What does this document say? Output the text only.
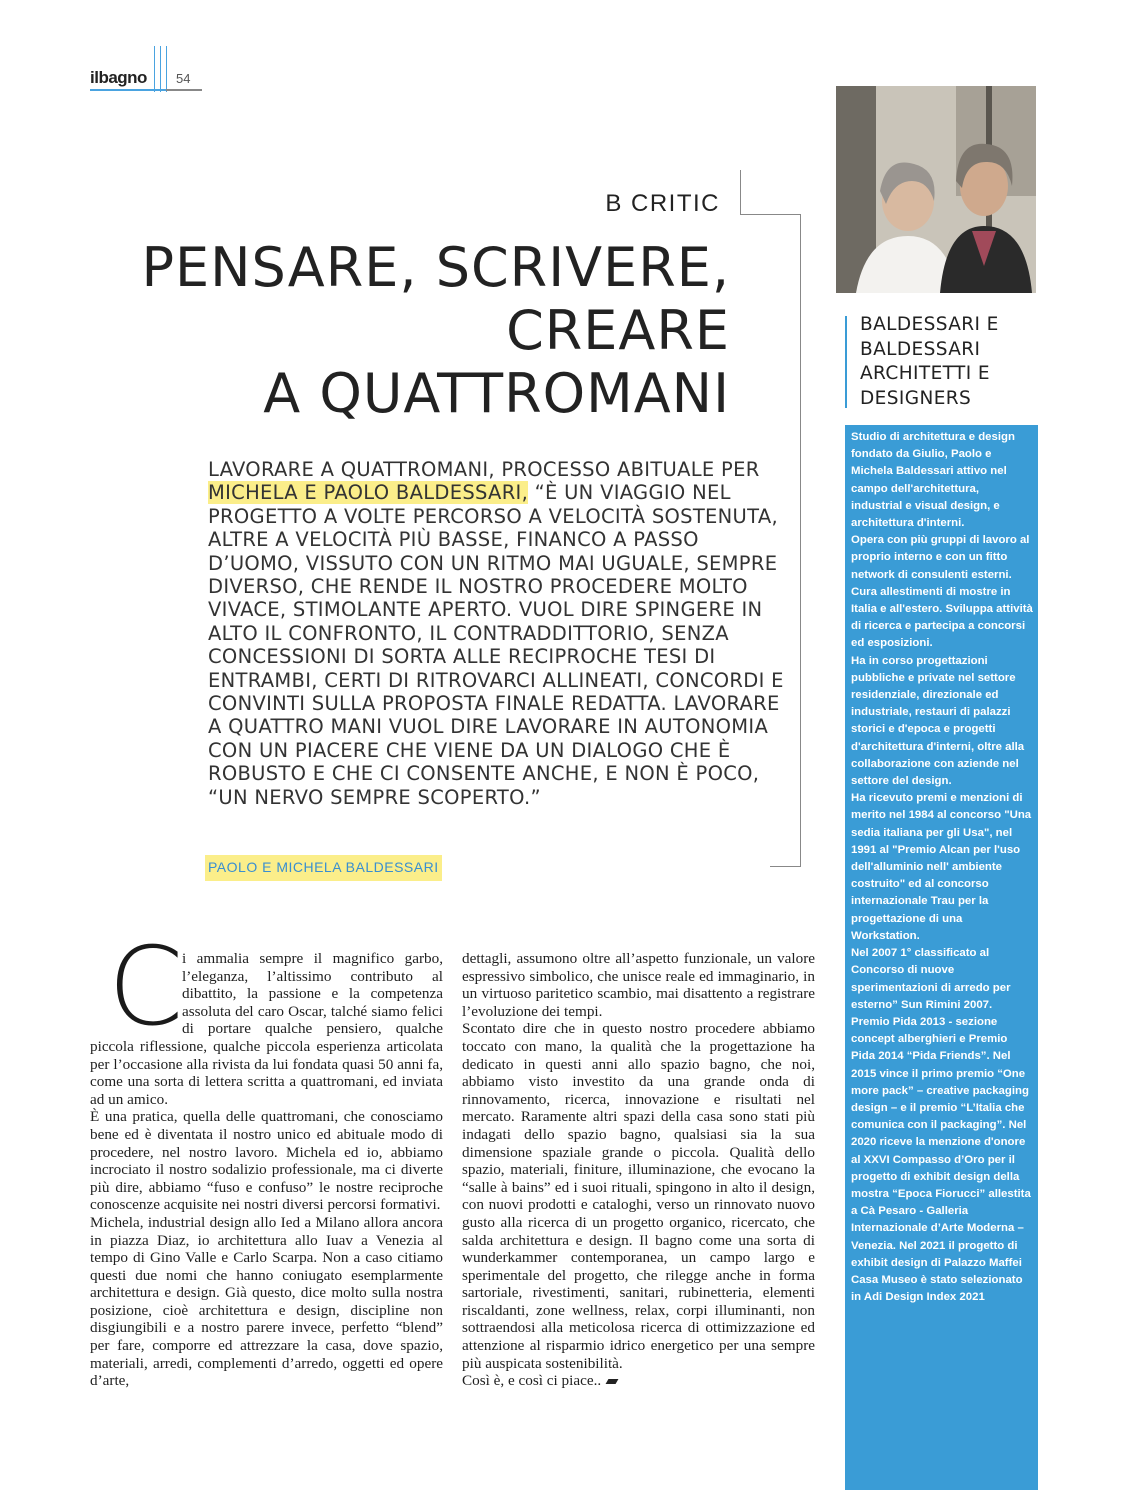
ilbagno 54
B CRITIC
PENSARE, SCRIVERE,
CREARE
A QUATTROMANI
LAVORARE A QUATTROMANI, PROCESSO ABITUALE PER MICHELA E PAOLO BALDESSARI, “È UN VIAGGIO NEL PROGETTO A VOLTE PERCORSO A VELOCITÀ SOSTENUTA, ALTRE A VELOCITÀ PIÙ BASSE, FINANCO A PASSO D’UOMO, VISSUTO CON UN RITMO MAI UGUALE, SEMPRE DIVERSO, CHE RENDE IL NOSTRO PROCEDERE MOLTO VIVACE, STIMOLANTE APERTO. VUOL DIRE SPINGERE IN ALTO IL CONFRONTO, IL CONTRADDITTORIO, SENZA CONCESSIONI DI SORTA ALLE RECIPROCHE TESI DI ENTRAMBI, CERTI DI RITROVARCI ALLINEATI, CONCORDI E CONVINTI SULLA PROPOSTA FINALE REDATTA. LAVORARE A QUATTRO MANI VUOL DIRE LAVORARE IN AUTONOMIA CON UN PIACERE CHE VIENE DA UN DIALOGO CHE È ROBUSTO E CHE CI CONSENTE ANCHE, E NON È POCO, “UN NERVO SEMPRE SCOPERTO.”
PAOLO E MICHELA BALDESSARI
C

i ammalia sempre il magnifico garbo, l’eleganza, l’altissimo contributo al dibattito, la passione e la competenza assoluta del caro Oscar, talché siamo felici di portare qualche pensiero, qualche piccola riflessione, qualche piccola esperienza articolata per l’occasione alla rivista da lui fondata quasi 50 anni fa, come una sorta di lettera scritta a quattromani, ed inviata ad un amico.

È una pratica, quella delle quattromani, che conosciamo bene ed è diventata il nostro unico ed abituale modo di procedere, nel nostro lavoro. Michela ed io, abbiamo incrociato il nostro sodalizio professionale, ma ci diverte più dire, abbiamo “fuso e confuso” le nostre reciproche conoscenze acquisite nei nostri diversi percorsi formativi.

Michela, industrial design allo Ied a Milano allora ancora in piazza Diaz, io architettura allo Iuav a Venezia al tempo di Gino Valle e Carlo Scarpa. Non a caso citiamo questi due nomi che hanno coniugato esemplarmente architettura e design. Già questo, dice molto sulla nostra posizione, cioè architettura e design, discipline non disgiungibili e a nostro parere invece, perfetto “blend” per fare, comporre ed attrezzare la casa, dove spazio, materiali, arredi, complementi d’arredo, oggetti ed opere d’arte,

dettagli, assumono oltre all’aspetto funzionale, un valore espressivo simbolico, che unisce reale ed immaginario, in un virtuoso paritetico scambio, mai disattento a registrare l’evoluzione dei tempi.

Scontato dire che in questo nostro procedere abbiamo toccato con mano, la qualità che la progettazione ha dedicato in questi anni allo spazio bagno, che noi, abbiamo visto investito da una grande onda di rinnovamento, ricerca, innovazione e risultati nel mercato. Raramente altri spazi della casa sono stati più indagati dello spazio bagno, qualsiasi sia la sua dimensione spaziale grande o piccola. Qualità dello spazio, materiali, finiture, illuminazione, che evocano la “salle à bains” ed i suoi rituali, spingono in alto il design, con nuovi prodotti e cataloghi, verso un rinnovato nuovo gusto alla ricerca di un progetto organico, ricercato, che salda architettura e design. Il bagno come una sorta di wunderkammer contemporanea, un campo largo e sperimentale del progetto, che rilegge anche in forma sartoriale, rivestimenti, sanitari, rubinetteria, elementi riscaldanti, zone wellness, relax, corpi illuminanti, non sottraendosi alla meticolosa ricerca di ottimizzazione ed attenzione al risparmio idrico energetico per una sempre più auspicata sostenibilità.

Così è, e così ci piace..

BALDESSARI E BALDESSARI ARCHITETTI E DESIGNERS
Studio di architettura e design fondato da Giulio, Paolo e Michela Baldessari attivo nel campo dell'architettura, industrial e visual design, e architettura d'interni.
Opera con più gruppi di lavoro al proprio interno e con un fitto network di consulenti esterni. Cura allestimenti di mostre in Italia e all'estero. Sviluppa attività di ricerca e partecipa a concorsi ed esposizioni.
Ha in corso progettazioni pubbliche e private nel settore residenziale, direzionale ed industriale, restauri di palazzi storici e d'epoca e progetti d'architettura d'interni, oltre alla collaborazione con aziende nel settore del design.
Ha ricevuto premi e menzioni di merito nel 1984 al concorso "Una sedia italiana per gli Usa", nel 1991 al "Premio Alcan per l'uso dell'alluminio nell' ambiente costruito" ed al concorso internazionale Trau per la progettazione di una Workstation.
Nel 2007 1° classificato al Concorso di nuove sperimentazioni di arredo per esterno” Sun Rimini 2007. Premio Pida 2013 - sezione concept alberghieri e Premio Pida 2014 “Pida Friends”. Nel 2015 vince il primo premio “One more pack” – creative packaging design – e il premio “L’Italia che comunica con il packaging”. Nel 2020 riceve la menzione d'onore al XXVI Compasso d’Oro per il progetto di exhibit design della mostra “Epoca Fiorucci” allestita a Cà Pesaro - Galleria Internazionale d’Arte Moderna – Venezia. Nel 2021 il progetto di exhibit design di Palazzo Maffei Casa Museo è stato selezionato in Adi Design Index 2021
